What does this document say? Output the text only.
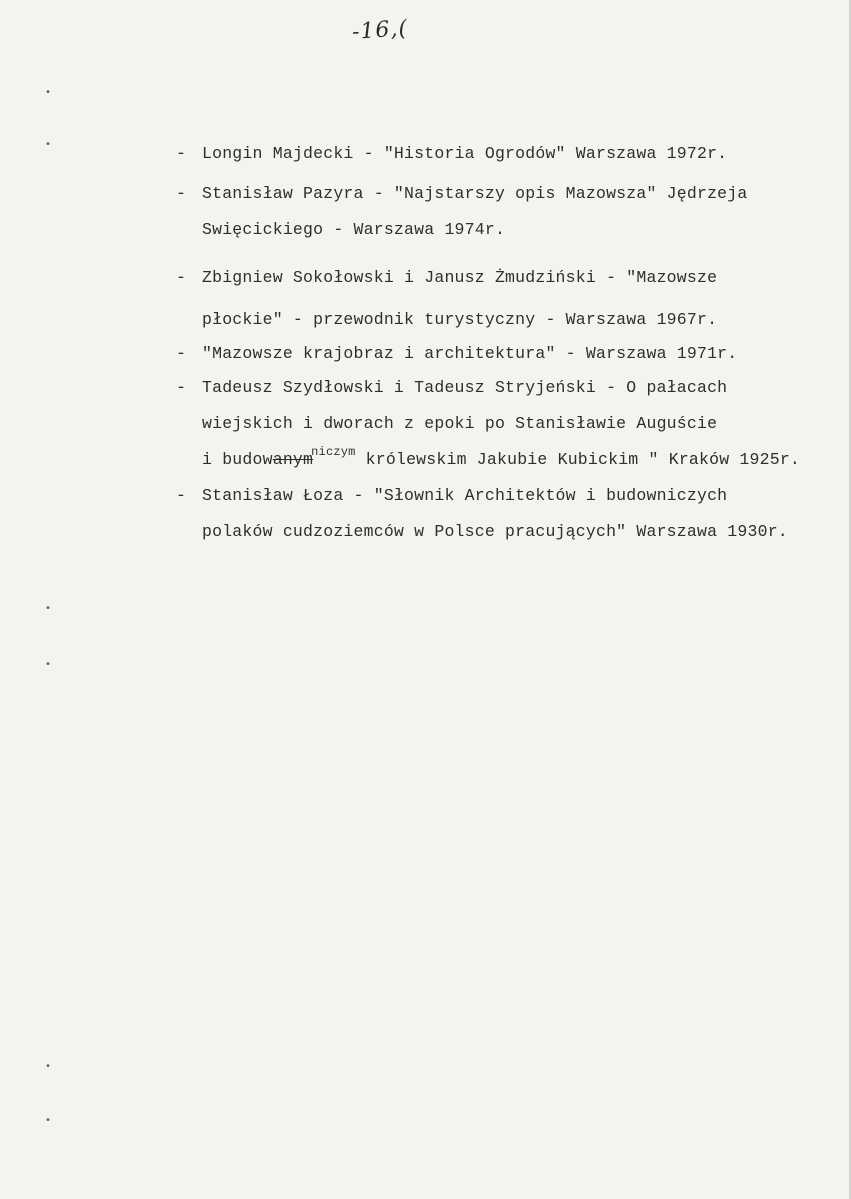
-16,(
•
•
•
•
•
•
- Longin Majdecki - "Historia Ogrodów" Warszawa 1972r.
- Stanisław Pazyra - "Najstarszy opis Mazowsza" Jędrzeja
Swięcickiego - Warszawa 1974r.
- Zbigniew Sokołowski i Janusz Żmudziński - "Mazowsze
płockie" - przewodnik turystyczny - Warszawa 1967r.
- "Mazowsze krajobraz i architektura" - Warszawa 1971r.
- Tadeusz Szydłowski i Tadeusz Stryjeński - O pałacach
wiejskich i dworach z epoki po Stanisławie Auguście
i budowanym$^{niczym}$ królewskim Jakubie Kubickim " Kraków 1925r.
- Stanisław Łoza - "Słownik Architektów i budowniczych
polaków cudzoziemców w Polsce pracujących" Warszawa 1930r.
